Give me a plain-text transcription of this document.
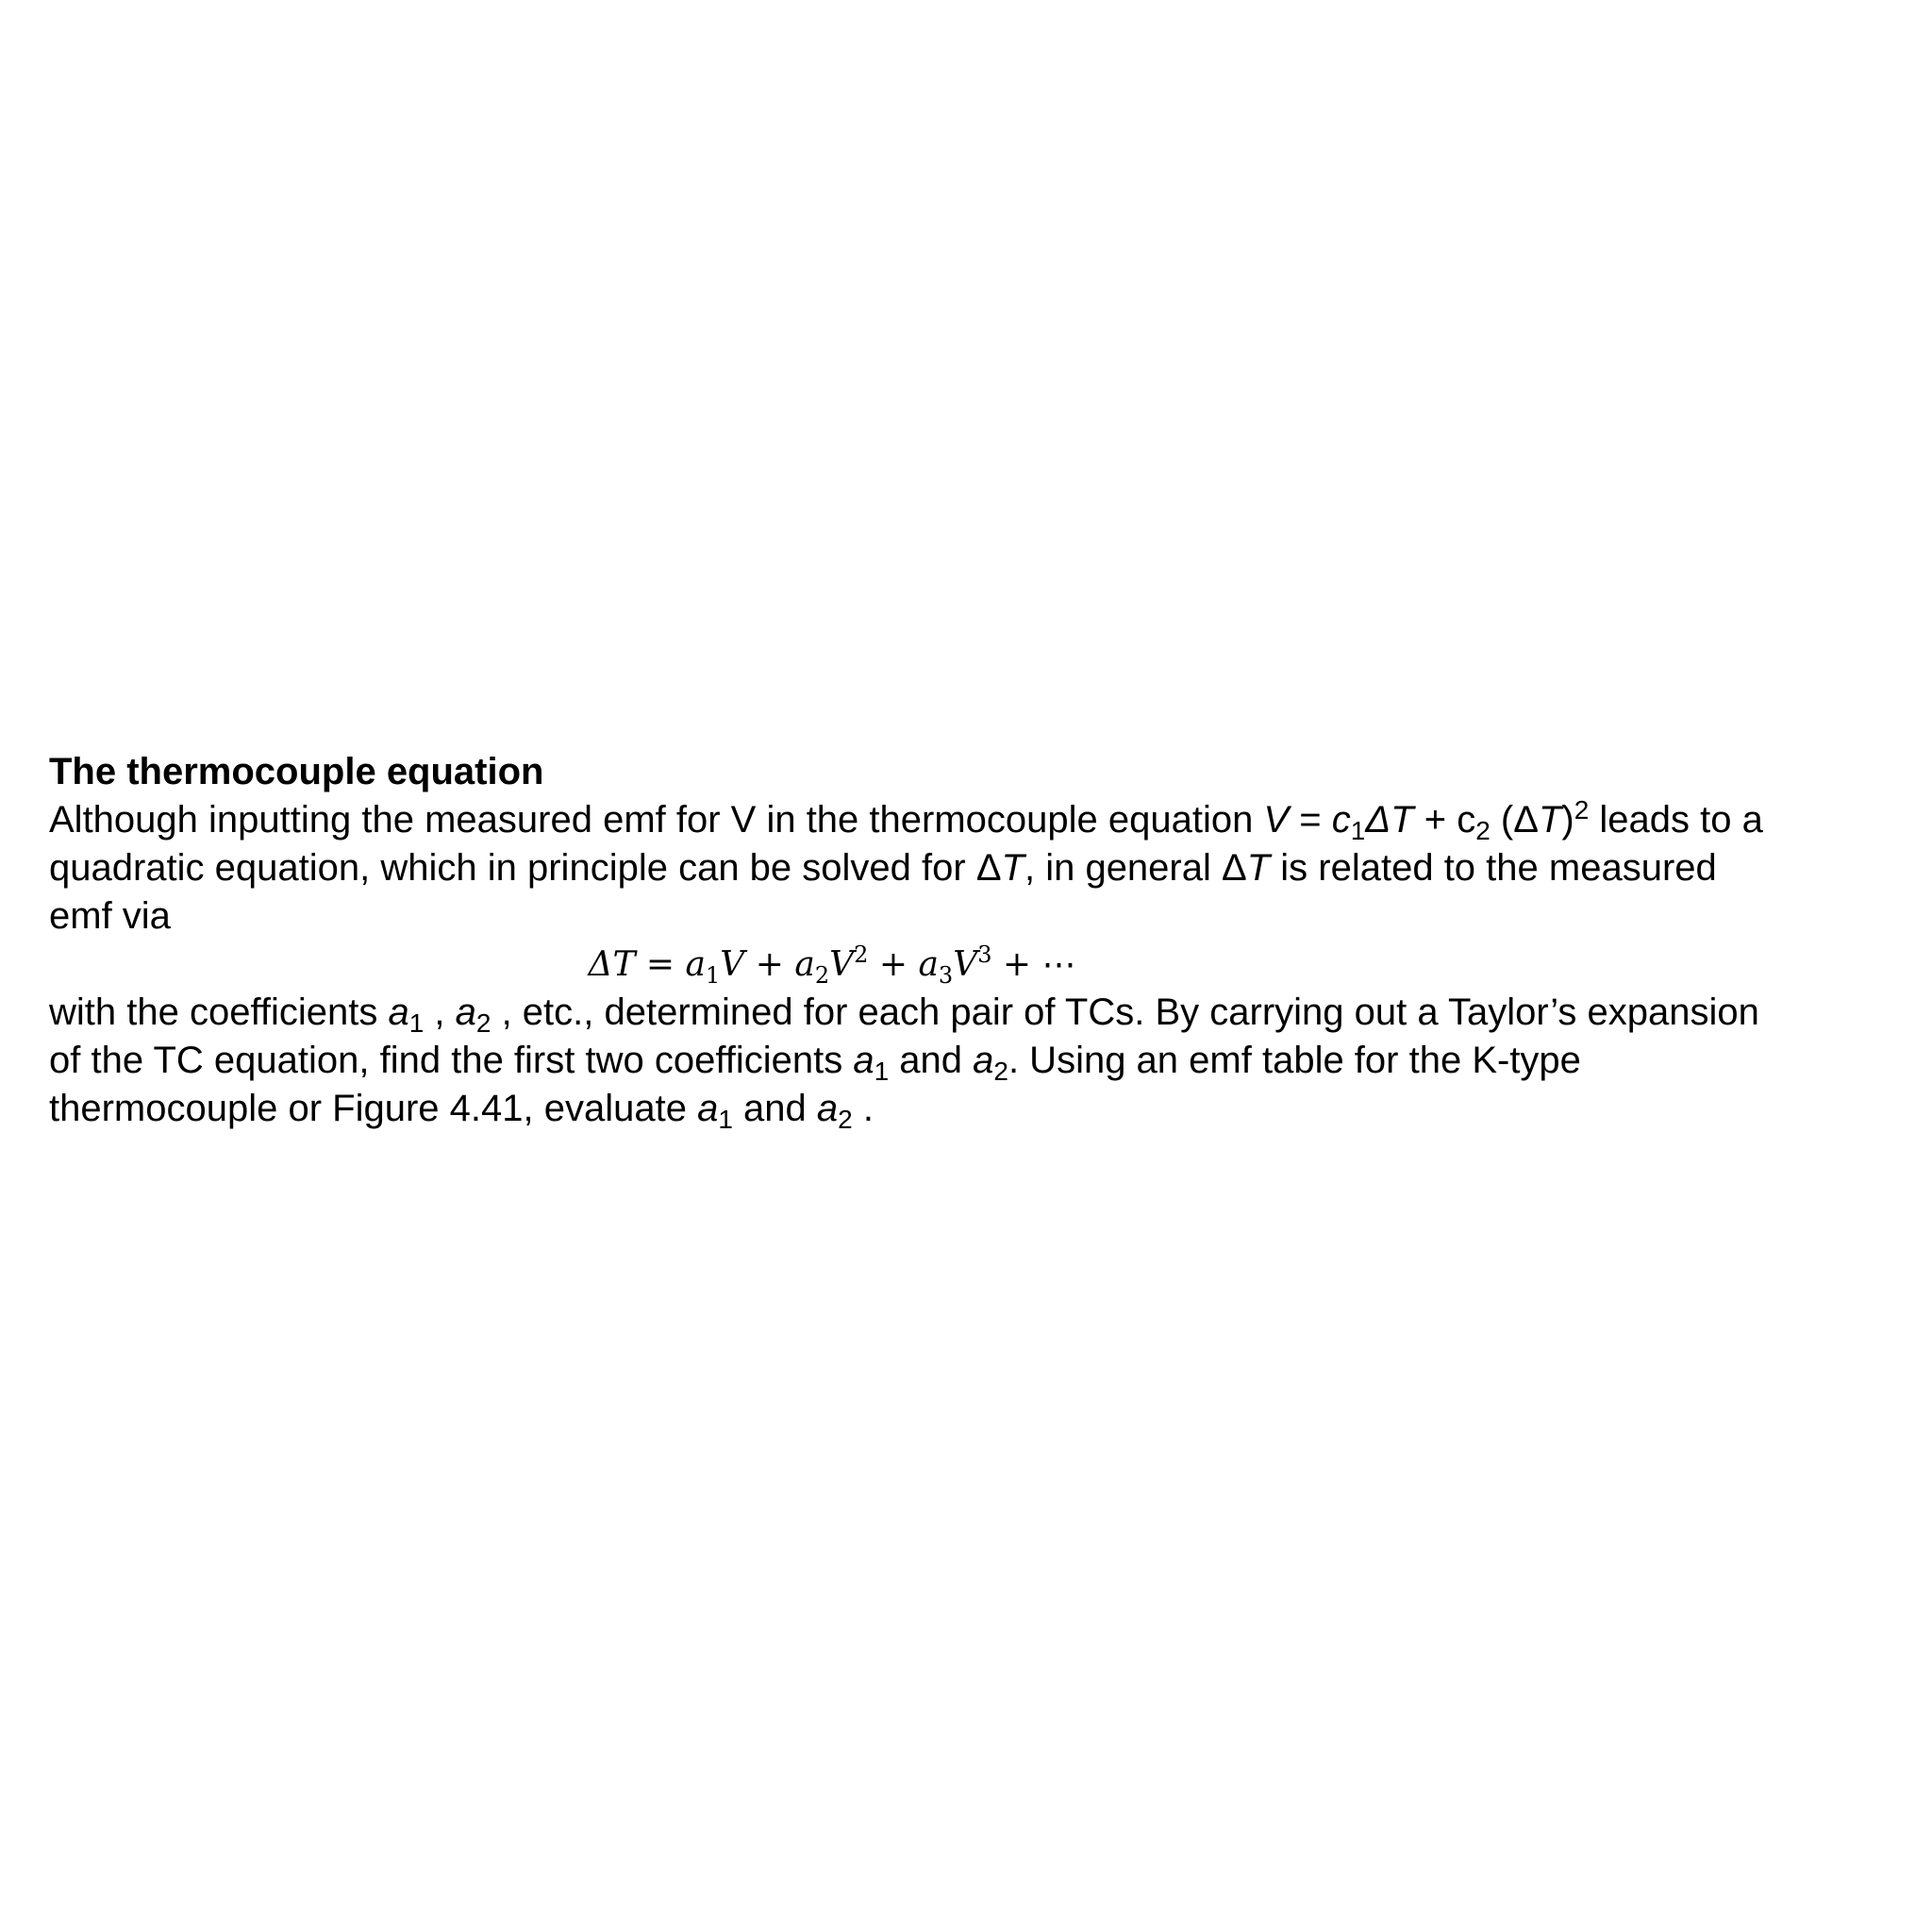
The thermocouple equation

Although inputting the measured emf for V in the thermocouple equation $V = c_1\Delta T + c_2$ $(\Delta T)^2$ leads to a
quadratic equation, which in principle can be solved for ΔT, in general ΔT is related to the measured
emf via

$\Delta T = a_1V + a_2V^2 + a_3V^3$ + ⋯

with the coefficients $a_1$ , $a_2$ , etc., determined for each pair of TCs. By carrying out a Taylor’s expansion
of the TC equation, find the first two coefficients $a_1$ and $a_2$. Using an emf table for the K-type
thermocouple or Figure 4.41, evaluate $a_1$ and $a_2$ .
